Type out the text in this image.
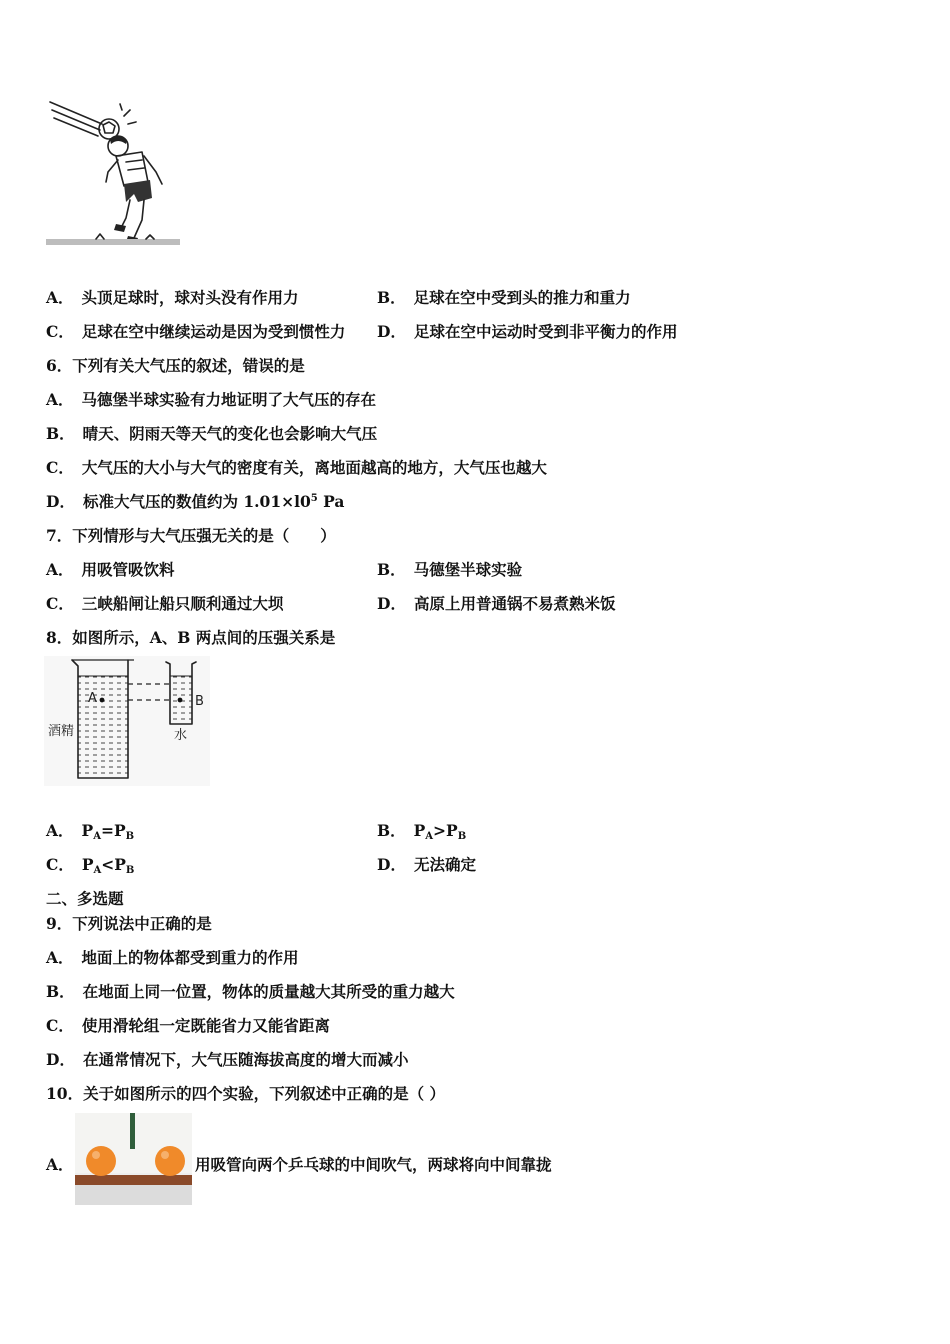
A． 头顶足球时，球对头没有作用力	B． 足球在空中受到头的推力和重力
C． 足球在空中继续运动是因为受到惯性力 D． 足球在空中运动时受到非平衡力的作用
6．下列有关大气压的叙述，错误的是
A． 马德堡半球实验有力地证明了大气压的存在
B． 晴天、阴雨天等天气的变化也会影响大气压
C． 大气压的大小与大气的密度有关，离地面越高的地方，大气压也越大
D． 标准大气压的数值约为 $1.01\times l0^5$ Pa
7．下列情形与大气压强无关的是（　　）
A． 用吸管吸饮料	B． 马德堡半球实验
C． 三峡船闸让船只顺利通过大坝	D． 高原上用普通锅不易煮熟米饭
8．如图所示，A、B 两点间的压强关系是
A	B
酒精	水
A． $P_A=P_B$	B． $P_A>P_B$
C． $P_A<P_B$	D． 无法确定
二、多选题
9．下列说法中正确的是
A． 地面上的物体都受到重力的作用
B． 在地面上同一位置，物体的质量越大其所受的重力越大
C． 使用滑轮组一定既能省力又能省距离
D． 在通常情况下，大气压随海拔高度的增大而减小
10．关于如图所示的四个实验，下列叙述中正确的是（ ）
A．	用吸管向两个乒乓球的中间吹气，两球将向中间靠拢
